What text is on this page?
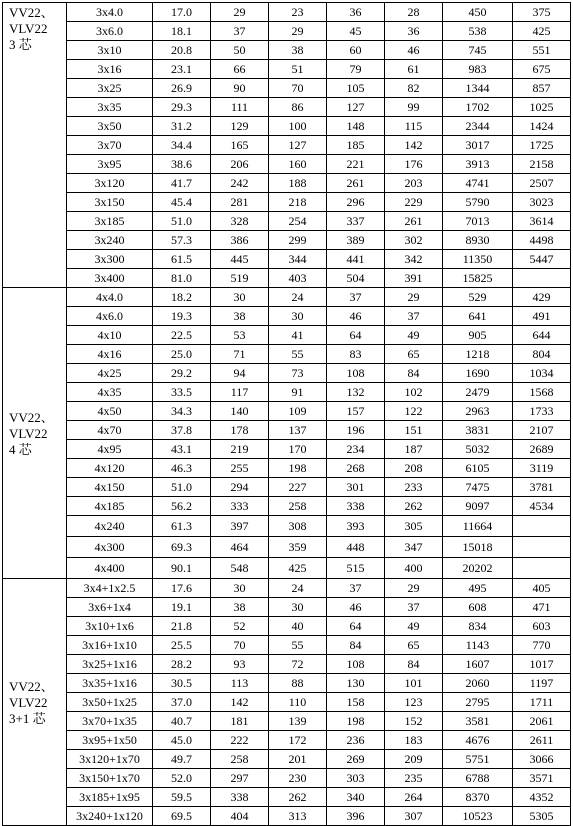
VV22、
VLV22
3 芯	3x4.0	17.0	29	23	36	28	450	375
	3x6.0	18.1	37	29	45	36	538	425
	3x10	20.8	50	38	60	46	745	551
	3x16	23.1	66	51	79	61	983	675
	3x25	26.9	90	70	105	82	1344	857
	3x35	29.3	111	86	127	99	1702	1025
	3x50	31.2	129	100	148	115	2344	1424
	3x70	34.4	165	127	185	142	3017	1725
	3x95	38.6	206	160	221	176	3913	2158
	3x120	41.7	242	188	261	203	4741	2507
	3x150	45.4	281	218	296	229	5790	3023
	3x185	51.0	328	254	337	261	7013	3614
	3x240	57.3	386	299	389	302	8930	4498
	3x300	61.5	445	344	441	342	11350	5447
	3x400	81.0	519	403	504	391	15825	

VV22、
VLV22
4 芯	4x4.0	18.2	30	24	37	29	529	429
	4x6.0	19.3	38	30	46	37	641	491
	4x10	22.5	53	41	64	49	905	644
	4x16	25.0	71	55	83	65	1218	804
	4x25	29.2	94	73	108	84	1690	1034
	4x35	33.5	117	91	132	102	2479	1568
	4x50	34.3	140	109	157	122	2963	1733
	4x70	37.8	178	137	196	151	3831	2107
	4x95	43.1	219	170	234	187	5032	2689
	4x120	46.3	255	198	268	208	6105	3119
	4x150	51.0	294	227	301	233	7475	3781
	4x185	56.2	333	258	338	262	9097	4534
	4x240	61.3	397	308	393	305	11664	
	4x300	69.3	464	359	448	347	15018	
	4x400	90.1	548	425	515	400	20202	

VV22、
VLV22
3+1 芯	3x4+1x2.5	17.6	30	24	37	29	495	405
	3x6+1x4	19.1	38	30	46	37	608	471
	3x10+1x6	21.8	52	40	64	49	834	603
	3x16+1x10	25.5	70	55	84	65	1143	770
	3x25+1x16	28.2	93	72	108	84	1607	1017
	3x35+1x16	30.5	113	88	130	101	2060	1197
	3x50+1x25	37.0	142	110	158	123	2795	1711
	3x70+1x35	40.7	181	139	198	152	3581	2061
	3x95+1x50	45.0	222	172	236	183	4676	2611
	3x120+1x70	49.7	258	201	269	209	5751	3066
	3x150+1x70	52.0	297	230	303	235	6788	3571
	3x185+1x95	59.5	338	262	340	264	8370	4352
	3x240+1x120	69.5	404	313	396	307	10523	5305
